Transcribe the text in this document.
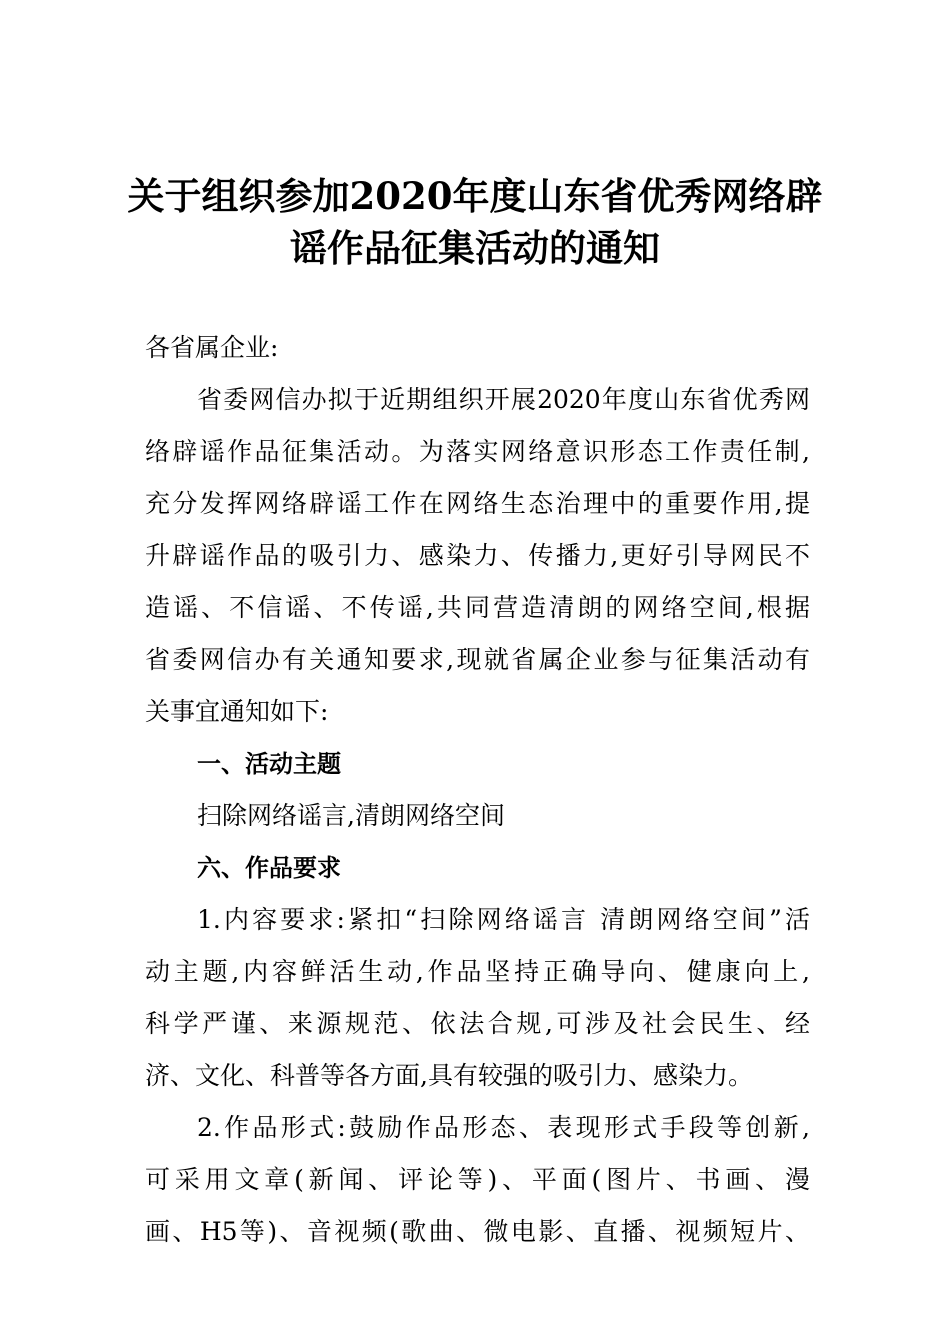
关于组织参加2020年度山东省优秀网络辟
谣作品征集活动的通知
各省属企业:
省委网信办拟于近期组织开展2020年度山东省优秀网
络辟谣作品征集活动。为落实网络意识形态工作责任制,
充分发挥网络辟谣工作在网络生态治理中的重要作用,提
升辟谣作品的吸引力、感染力、传播力,更好引导网民不
造谣、不信谣、不传谣,共同营造清朗的网络空间,根据
省委网信办有关通知要求,现就省属企业参与征集活动有
关事宜通知如下:
一、活动主题
扫除网络谣言,清朗网络空间
六、作品要求
1.内容要求:紧扣“扫除网络谣言 清朗网络空间”活
动主题,内容鲜活生动,作品坚持正确导向、健康向上,
科学严谨、来源规范、依法合规,可涉及社会民生、经
济、文化、科普等各方面,具有较强的吸引力、感染力。
2.作品形式:鼓励作品形态、表现形式手段等创新,
可采用文章(新闻、评论等)、平面(图片、书画、漫
画、H5等)、音视频(歌曲、微电影、直播、视频短片、
